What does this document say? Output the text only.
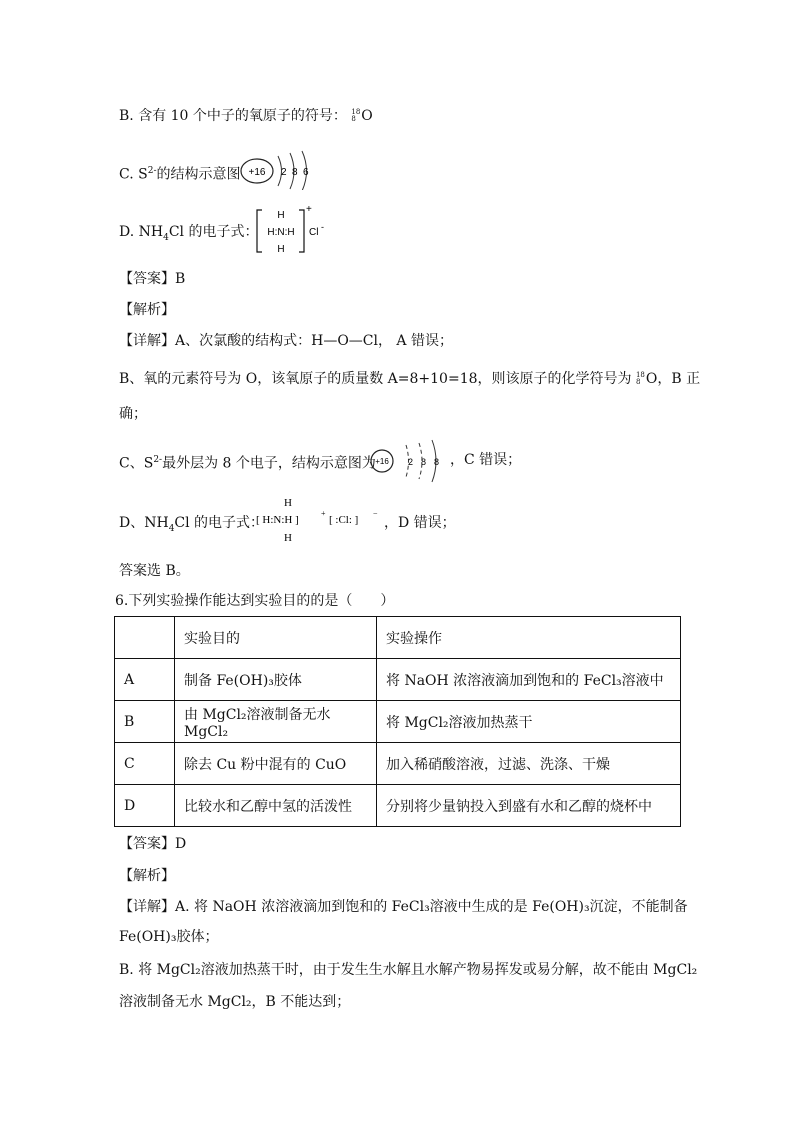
B. 含有 10 个中子的氧原子的符号： 18
8 O
C. $S^{2-}$的结构示意图 +16 2 8 6
D. $NH_4Cl$ 的电子式：
H
H:N:H
H
+
Cl -
【答案】B
【解析】
【详解】A、次氯酸的结构式：H—O—Cl， A 错误；
B、氧的元素符号为 O，该氧原子的质量数 A=8+10=18，则该原子的化学符号为 18
8 O，B 正
确；
C、$S^{2-}$最外层为 8 个电子，结构示意图为 +16 2 8 8 ，C 错误；
D、$NH_4Cl$ 的电子式：
H
[ H:N:H ]
+
H
[ :Cl: ]
−
，D 错误；
答案选 B。
6.下列实验操作能达到实验目的的是（　　）
	实验目的	实验操作
A	制备 Fe(OH)₃胶体	将 NaOH 浓溶液滴加到饱和的 FeCl₃溶液中
B	由 MgCl₂溶液制备无水 MgCl₂	将 MgCl₂溶液加热蒸干
C	除去 Cu 粉中混有的 CuO	加入稀硝酸溶液，过滤、洗涤、干燥
D	比较水和乙醇中氢的活泼性	分别将少量钠投入到盛有水和乙醇的烧杯中
【答案】D
【解析】
【详解】A. 将 NaOH 浓溶液滴加到饱和的 FeCl₃溶液中生成的是 Fe(OH)₃沉淀，不能制备
Fe(OH)₃胶体；
B. 将 MgCl₂溶液加热蒸干时，由于发生生水解且水解产物易挥发或易分解，故不能由 MgCl₂
溶液制备无水 MgCl₂，B 不能达到；
